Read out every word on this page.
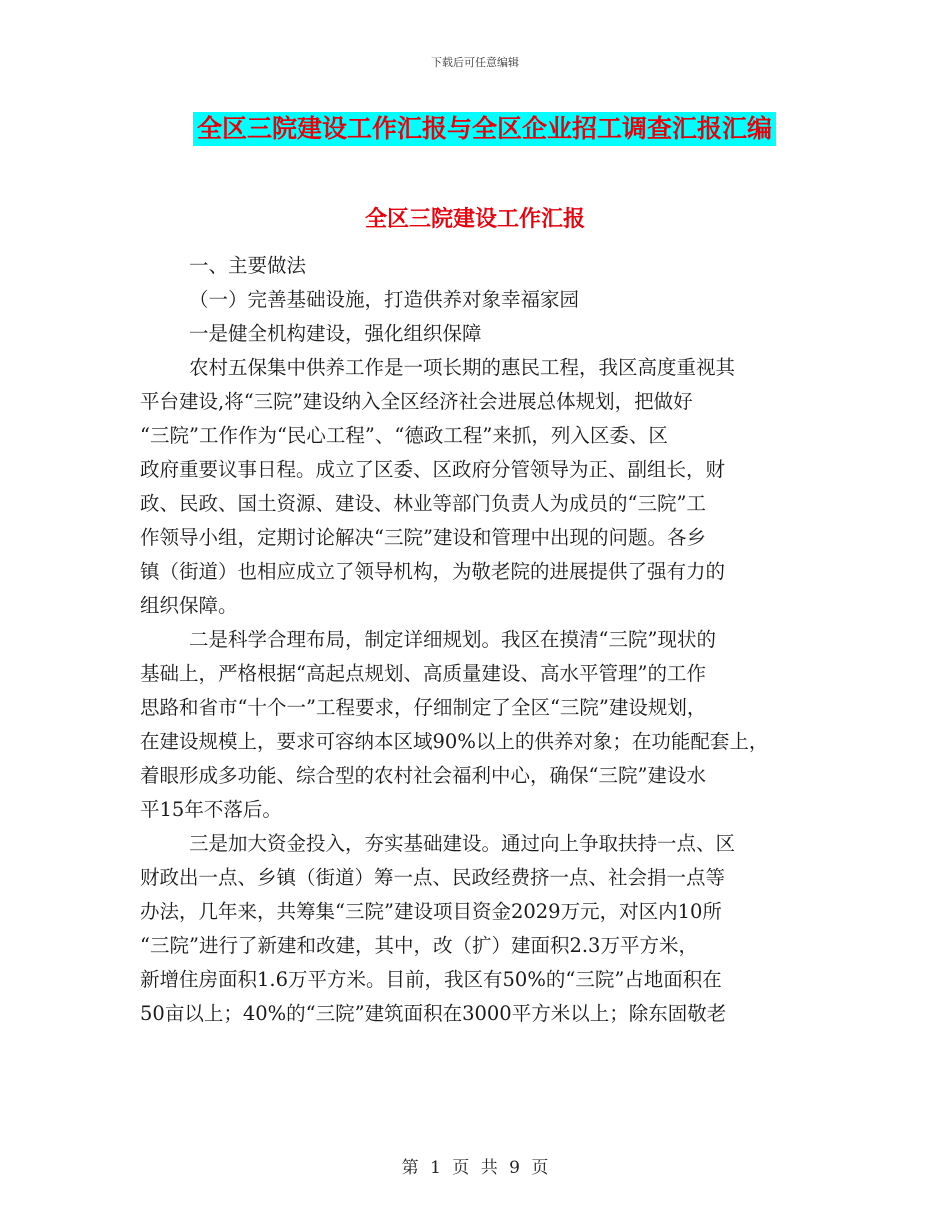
下载后可任意编辑
全区三院建设工作汇报与全区企业招工调查汇报汇编
全区三院建设工作汇报

一、主要做法

（一）完善基础设施，打造供养对象幸福家园

一是健全机构建设，强化组织保障

农村五保集中供养工作是一项长期的惠民工程，我区高度重视其

平台建设,将“三院”建设纳入全区经济社会进展总体规划，把做好

“三院”工作作为“民心工程”、“德政工程”来抓，列入区委、区

政府重要议事日程。成立了区委、区政府分管领导为正、副组长，财

政、民政、国土资源、建设、林业等部门负责人为成员的“三院”工

作领导小组，定期讨论解决“三院”建设和管理中出现的问题。各乡

镇（街道）也相应成立了领导机构，为敬老院的进展提供了强有力的

组织保障。

二是科学合理布局，制定详细规划。我区在摸清“三院”现状的

基础上，严格根据“高起点规划、高质量建设、高水平管理”的工作

思路和省市“十个一”工程要求，仔细制定了全区“三院”建设规划，

在建设规模上，要求可容纳本区域90%以上的供养对象；在功能配套上，

着眼形成多功能、综合型的农村社会福利中心，确保“三院”建设水

平15年不落后。

三是加大资金投入，夯实基础建设。通过向上争取扶持一点、区

财政出一点、乡镇（街道）筹一点、民政经费挤一点、社会捐一点等

办法，几年来，共筹集“三院”建设项目资金2029万元，对区内10所

“三院”进行了新建和改建，其中，改（扩）建面积2.3万平方米，

新增住房面积1.6万平方米。目前，我区有50%的“三院”占地面积在

50亩以上；40%的“三院”建筑面积在3000平方米以上；除东固敬老

第 1 页 共 9 页
